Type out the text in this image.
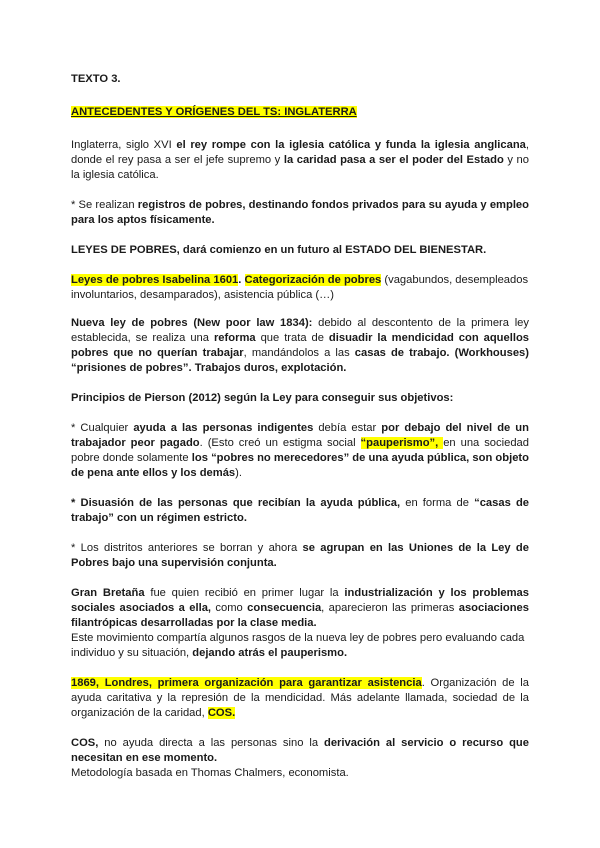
TEXTO 3.

ANTECEDENTES Y ORÍGENES DEL TS: INGLATERRA

Inglaterra, siglo XVI el rey rompe con la iglesia católica y funda la iglesia anglicana, donde el rey pasa a ser el jefe supremo y la caridad pasa a ser el poder del Estado y no la iglesia católica.

* Se realizan registros de pobres, destinando fondos privados para su ayuda y empleo para los aptos físicamente.

LEYES DE POBRES, dará comienzo en un futuro al ESTADO DEL BIENESTAR.

Leyes de pobres Isabelina 1601. Categorización de pobres (vagabundos, desempleados involuntarios, desamparados), asistencia pública (…)

Nueva ley de pobres (New poor law 1834): debido al descontento de la primera ley establecida, se realiza una reforma que trata de disuadir la mendicidad con aquellos pobres que no querían trabajar, mandándolos a las casas de trabajo. (Workhouses) “prisiones de pobres”. Trabajos duros, explotación.

Principios de Pierson (2012) según la Ley para conseguir sus objetivos:

* Cualquier ayuda a las personas indigentes debía estar por debajo del nivel de un trabajador peor pagado. (Esto creó un estigma social “pauperismo”, en una sociedad pobre donde solamente los “pobres no merecedores” de una ayuda pública, son objeto de pena ante ellos y los demás).

* Disuasión de las personas que recibían la ayuda pública, en forma de “casas de trabajo” con un régimen estricto.

* Los distritos anteriores se borran y ahora se agrupan en las Uniones de la Ley de Pobres bajo una supervisión conjunta.

Gran Bretaña fue quien recibió en primer lugar la industrialización y los problemas sociales asociados a ella, como consecuencia, aparecieron las primeras asociaciones filantrópicas desarrolladas por la clase media.

Este movimiento compartía algunos rasgos de la nueva ley de pobres pero evaluando cada individuo y su situación, dejando atrás el pauperismo.

1869, Londres, primera organización para garantizar asistencia. Organización de la ayuda caritativa y la represión de la mendicidad. Más adelante llamada, sociedad de la organización de la caridad, COS.

COS, no ayuda directa a las personas sino la derivación al servicio o recurso que necesitan en ese momento.

Metodología basada en Thomas Chalmers, economista.
